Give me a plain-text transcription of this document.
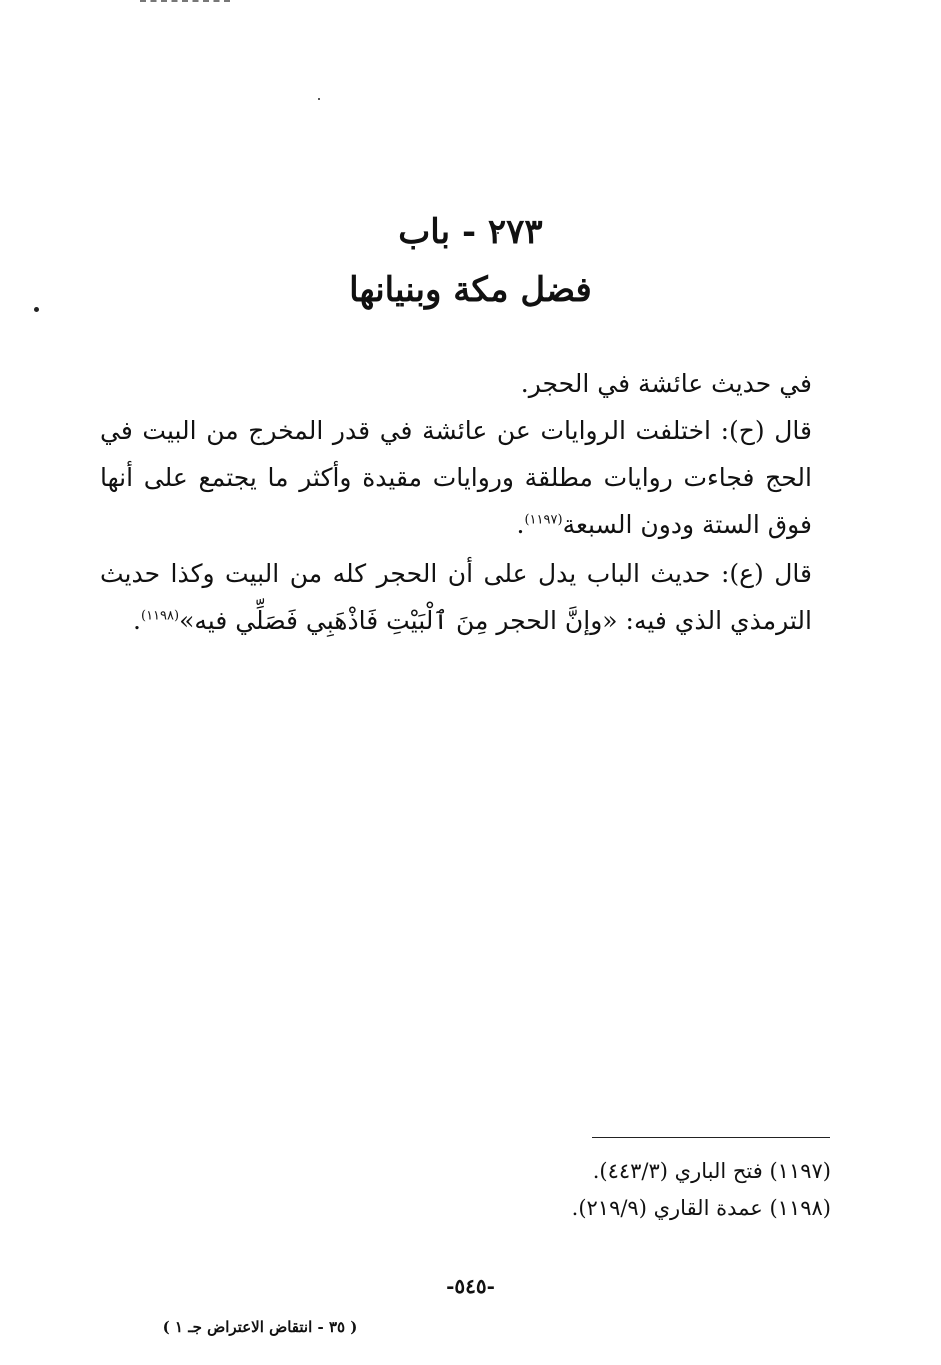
٢٧٣ - باب
فضل مكة وبنيانها
في حديث عائشة في الحجر.
قال (ح): اختلفت الروايات عن عائشة في قدر المخرج من البيت في الحج فجاءت روايات مطلقة وروايات مقيدة وأكثر ما يجتمع على أنها فوق الستة ودون السبعة$^{(١١٩٧)}$.
قال (ع): حديث الباب يدل على أن الحجر كله من البيت وكذا حديث الترمذي الذي فيه: «وإنَّ الحجر مِنَ ٱلْبَيْتِ فَاذْهَبِي فَصَلِّي فيه»$^{(١١٩٨)}$.
(١١٩٧) فتح الباري (٤٤٣/٣).
(١١٩٨) عمدة القاري (٢١٩/٩).
-٥٤٥-
( ٣٥ - انتقاض الاعتراض جـ ١ )
